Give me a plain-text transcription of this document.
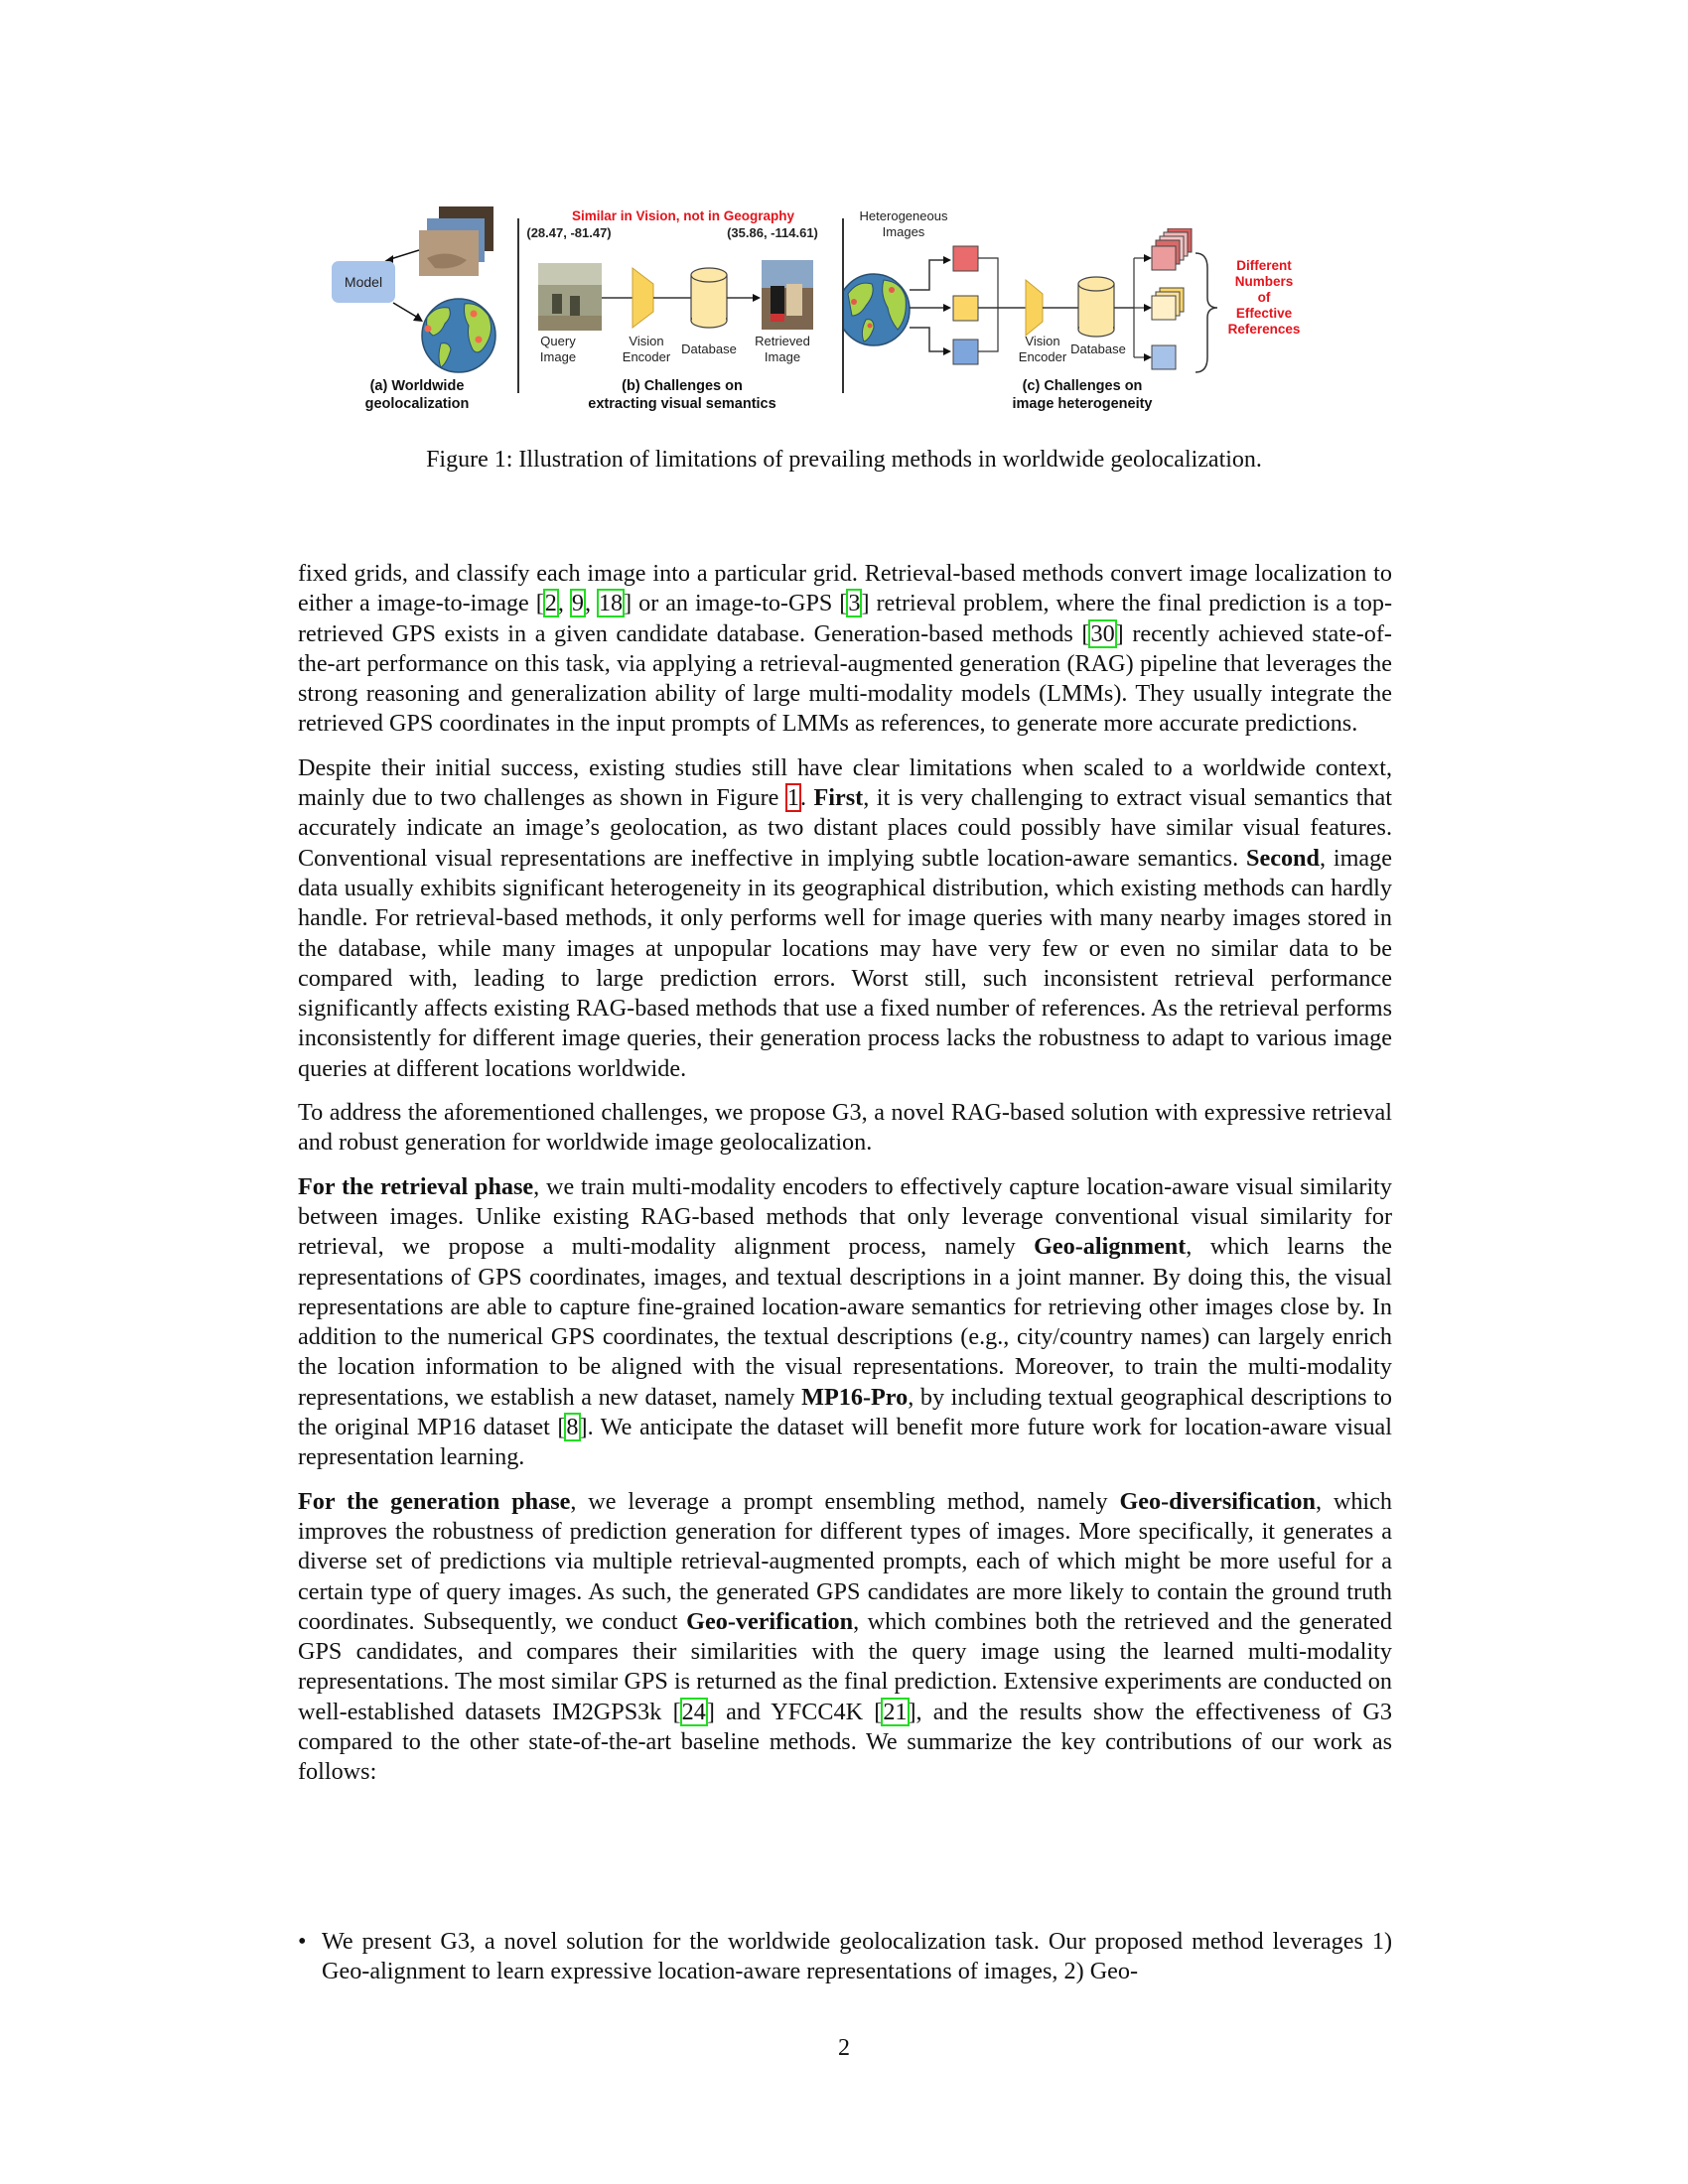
Model
(a) Worldwide
geolocalization
Similar in Vision, not in Geography
(28.47, -81.47)	(35.86, -114.61)
Query
Image
Vision
Encoder
Database
Retrieved
Image
(b) Challenges on
extracting visual semantics
Heterogeneous
Images
Vision
Encoder
Database
Different
Numbers
of
Effective
References
(c) Challenges on
image heterogeneity
Figure 1: Illustration of limitations of prevailing methods in worldwide geolocalization.

fixed grids, and classify each image into a particular grid. Retrieval-based methods convert image localization to either a image-to-image [2, 9, 18] or an image-to-GPS [3] retrieval problem, where the final prediction is a top-retrieved GPS exists in a given candidate database. Generation-based methods [30] recently achieved state-of-the-art performance on this task, via applying a retrieval-augmented generation (RAG) pipeline that leverages the strong reasoning and generalization ability of large multi-modality models (LMMs). They usually integrate the retrieved GPS coordinates in the input prompts of LMMs as references, to generate more accurate predictions.

Despite their initial success, existing studies still have clear limitations when scaled to a worldwide context, mainly due to two challenges as shown in Figure 1. First, it is very challenging to extract visual semantics that accurately indicate an image’s geolocation, as two distant places could possibly have similar visual features. Conventional visual representations are ineffective in implying subtle location-aware semantics. Second, image data usually exhibits significant heterogeneity in its geographical distribution, which existing methods can hardly handle. For retrieval-based methods, it only performs well for image queries with many nearby images stored in the database, while many images at unpopular locations may have very few or even no similar data to be compared with, leading to large prediction errors. Worst still, such inconsistent retrieval performance significantly affects existing RAG-based methods that use a fixed number of references. As the retrieval performs inconsistently for different image queries, their generation process lacks the robustness to adapt to various image queries at different locations worldwide.

To address the aforementioned challenges, we propose G3, a novel RAG-based solution with expressive retrieval and robust generation for worldwide image geolocalization.

For the retrieval phase, we train multi-modality encoders to effectively capture location-aware visual similarity between images. Unlike existing RAG-based methods that only leverage conventional visual similarity for retrieval, we propose a multi-modality alignment process, namely Geo-alignment, which learns the representations of GPS coordinates, images, and textual descriptions in a joint manner. By doing this, the visual representations are able to capture fine-grained location-aware semantics for retrieving other images close by. In addition to the numerical GPS coordinates, the textual descriptions (e.g., city/country names) can largely enrich the location information to be aligned with the visual representations. Moreover, to train the multi-modality representations, we establish a new dataset, namely MP16-Pro, by including textual geographical descriptions to the original MP16 dataset [8]. We anticipate the dataset will benefit more future work for location-aware visual representation learning.

For the generation phase, we leverage a prompt ensembling method, namely Geo-diversification, which improves the robustness of prediction generation for different types of images. More specifically, it generates a diverse set of predictions via multiple retrieval-augmented prompts, each of which might be more useful for a certain type of query images. As such, the generated GPS candidates are more likely to contain the ground truth coordinates. Subsequently, we conduct Geo-verification, which combines both the retrieved and the generated GPS candidates, and compares their similarities with the query image using the learned multi-modality representations. The most similar GPS is returned as the final prediction. Extensive experiments are conducted on well-established datasets IM2GPS3k [24] and YFCC4K [21], and the results show the effectiveness of G3 compared to the other state-of-the-art baseline methods. We summarize the key contributions of our work as follows:

• We present G3, a novel solution for the worldwide geolocalization task. Our proposed method leverages 1) Geo-alignment to learn expressive location-aware representations of images, 2) Geo-
2
